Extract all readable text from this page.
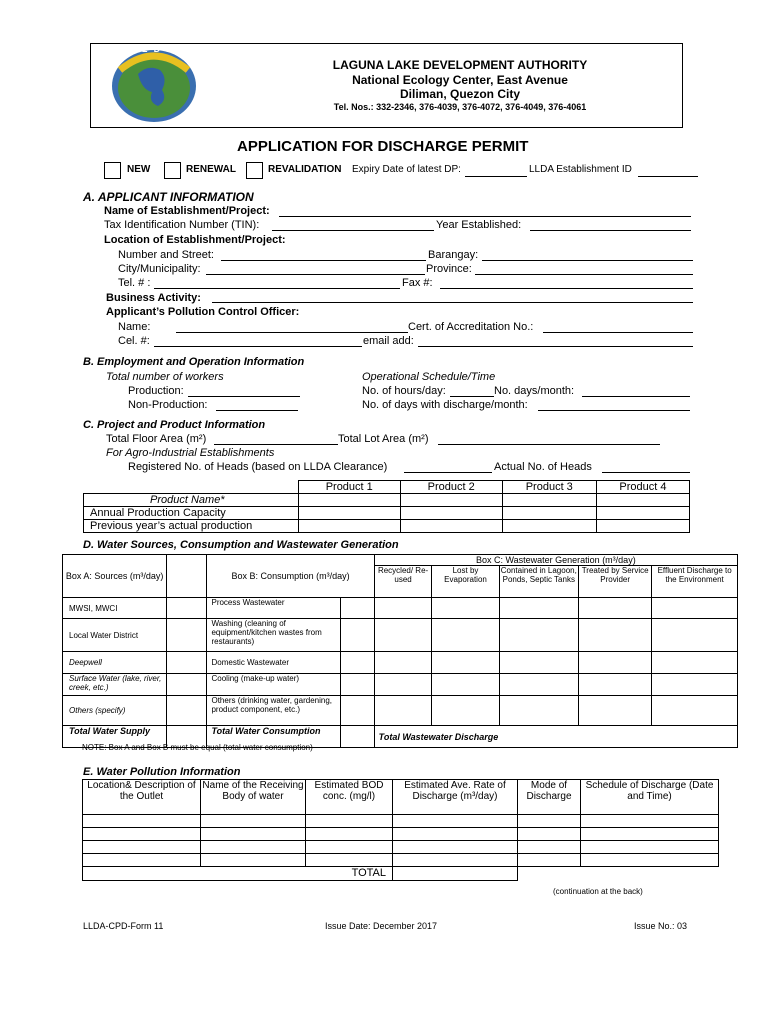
L L D A
LAGUNA LAKE DEVELOPMENT AUTHORITY
National Ecology Center, East Avenue
Diliman, Quezon City
Tel. Nos.: 332-2346, 376-4039, 376-4072, 376-4049, 376-4061
APPLICATION FOR DISCHARGE PERMIT
NEW	RENEWAL	REVALIDATION Expiry Date of latest DP:	LLDA Establishment ID
A. APPLICANT INFORMATION
Name of Establishment/Project:
Tax Identification Number (TIN):	Year Established:
Location of Establishment/Project:
Number and Street:	Barangay:
City/Municipality:	Province:
Tel. # :	Fax #:
Business Activity:
Applicant’s Pollution Control Officer:
Name:	Cert. of Accreditation No.:
Cel. #:	email add:
B. Employment and Operation Information
Total number of workers
Production:
Non-Production:
Operational Schedule/Time
No. of hours/day:	No. days/month:
No. of days with discharge/month:
C. Project and Product Information
Total Floor Area (m²)	Total Lot Area (m²)
For Agro-Industrial Establishments
Registered No. of Heads (based on LLDA Clearance)	Actual No. of Heads
	Product 1	Product 2	Product 3	Product 4
Product Name*				
Annual Production Capacity				
Previous year’s actual production				
D. Water Sources, Consumption and Wastewater Generation
Box A: Sources (m³/day)		Box B: Consumption (m³/day)		Box C: Wastewater Generation (m³/day)				
				Recycled/ Re-used	Lost by Evaporation	Contained in Lagoon, Ponds, Septic Tanks	Treated by Service Provider	Effluent Discharge to the Environment
MWSI, MWCI		Process Wastewater						
Local Water District		Washing (cleaning of equipment/kitchen wastes from restaurants)						
Deepwell		Domestic Wastewater						
Surface Water (lake, river, creek, etc.)		Cooling (make-up water)						
Others (specify)		Others (drinking water, gardening, product component, etc.)						
Total Water Supply		Total Water Consumption		Total Wastewater Discharge				
NOTE: Box A and Box B must be equal (total water consumption)
E. Water Pollution Information
Location& Description of the Outlet	Name of the Receiving Body of water	Estimated BOD conc. (mg/l)	Estimated Ave. Rate of Discharge (m³/day)	Mode of Discharge	Schedule of Discharge (Date and Time)

TOTAL					
(continuation at the back)
LLDA-CPD-Form 11	Issue Date: December 2017	Issue No.: 03
